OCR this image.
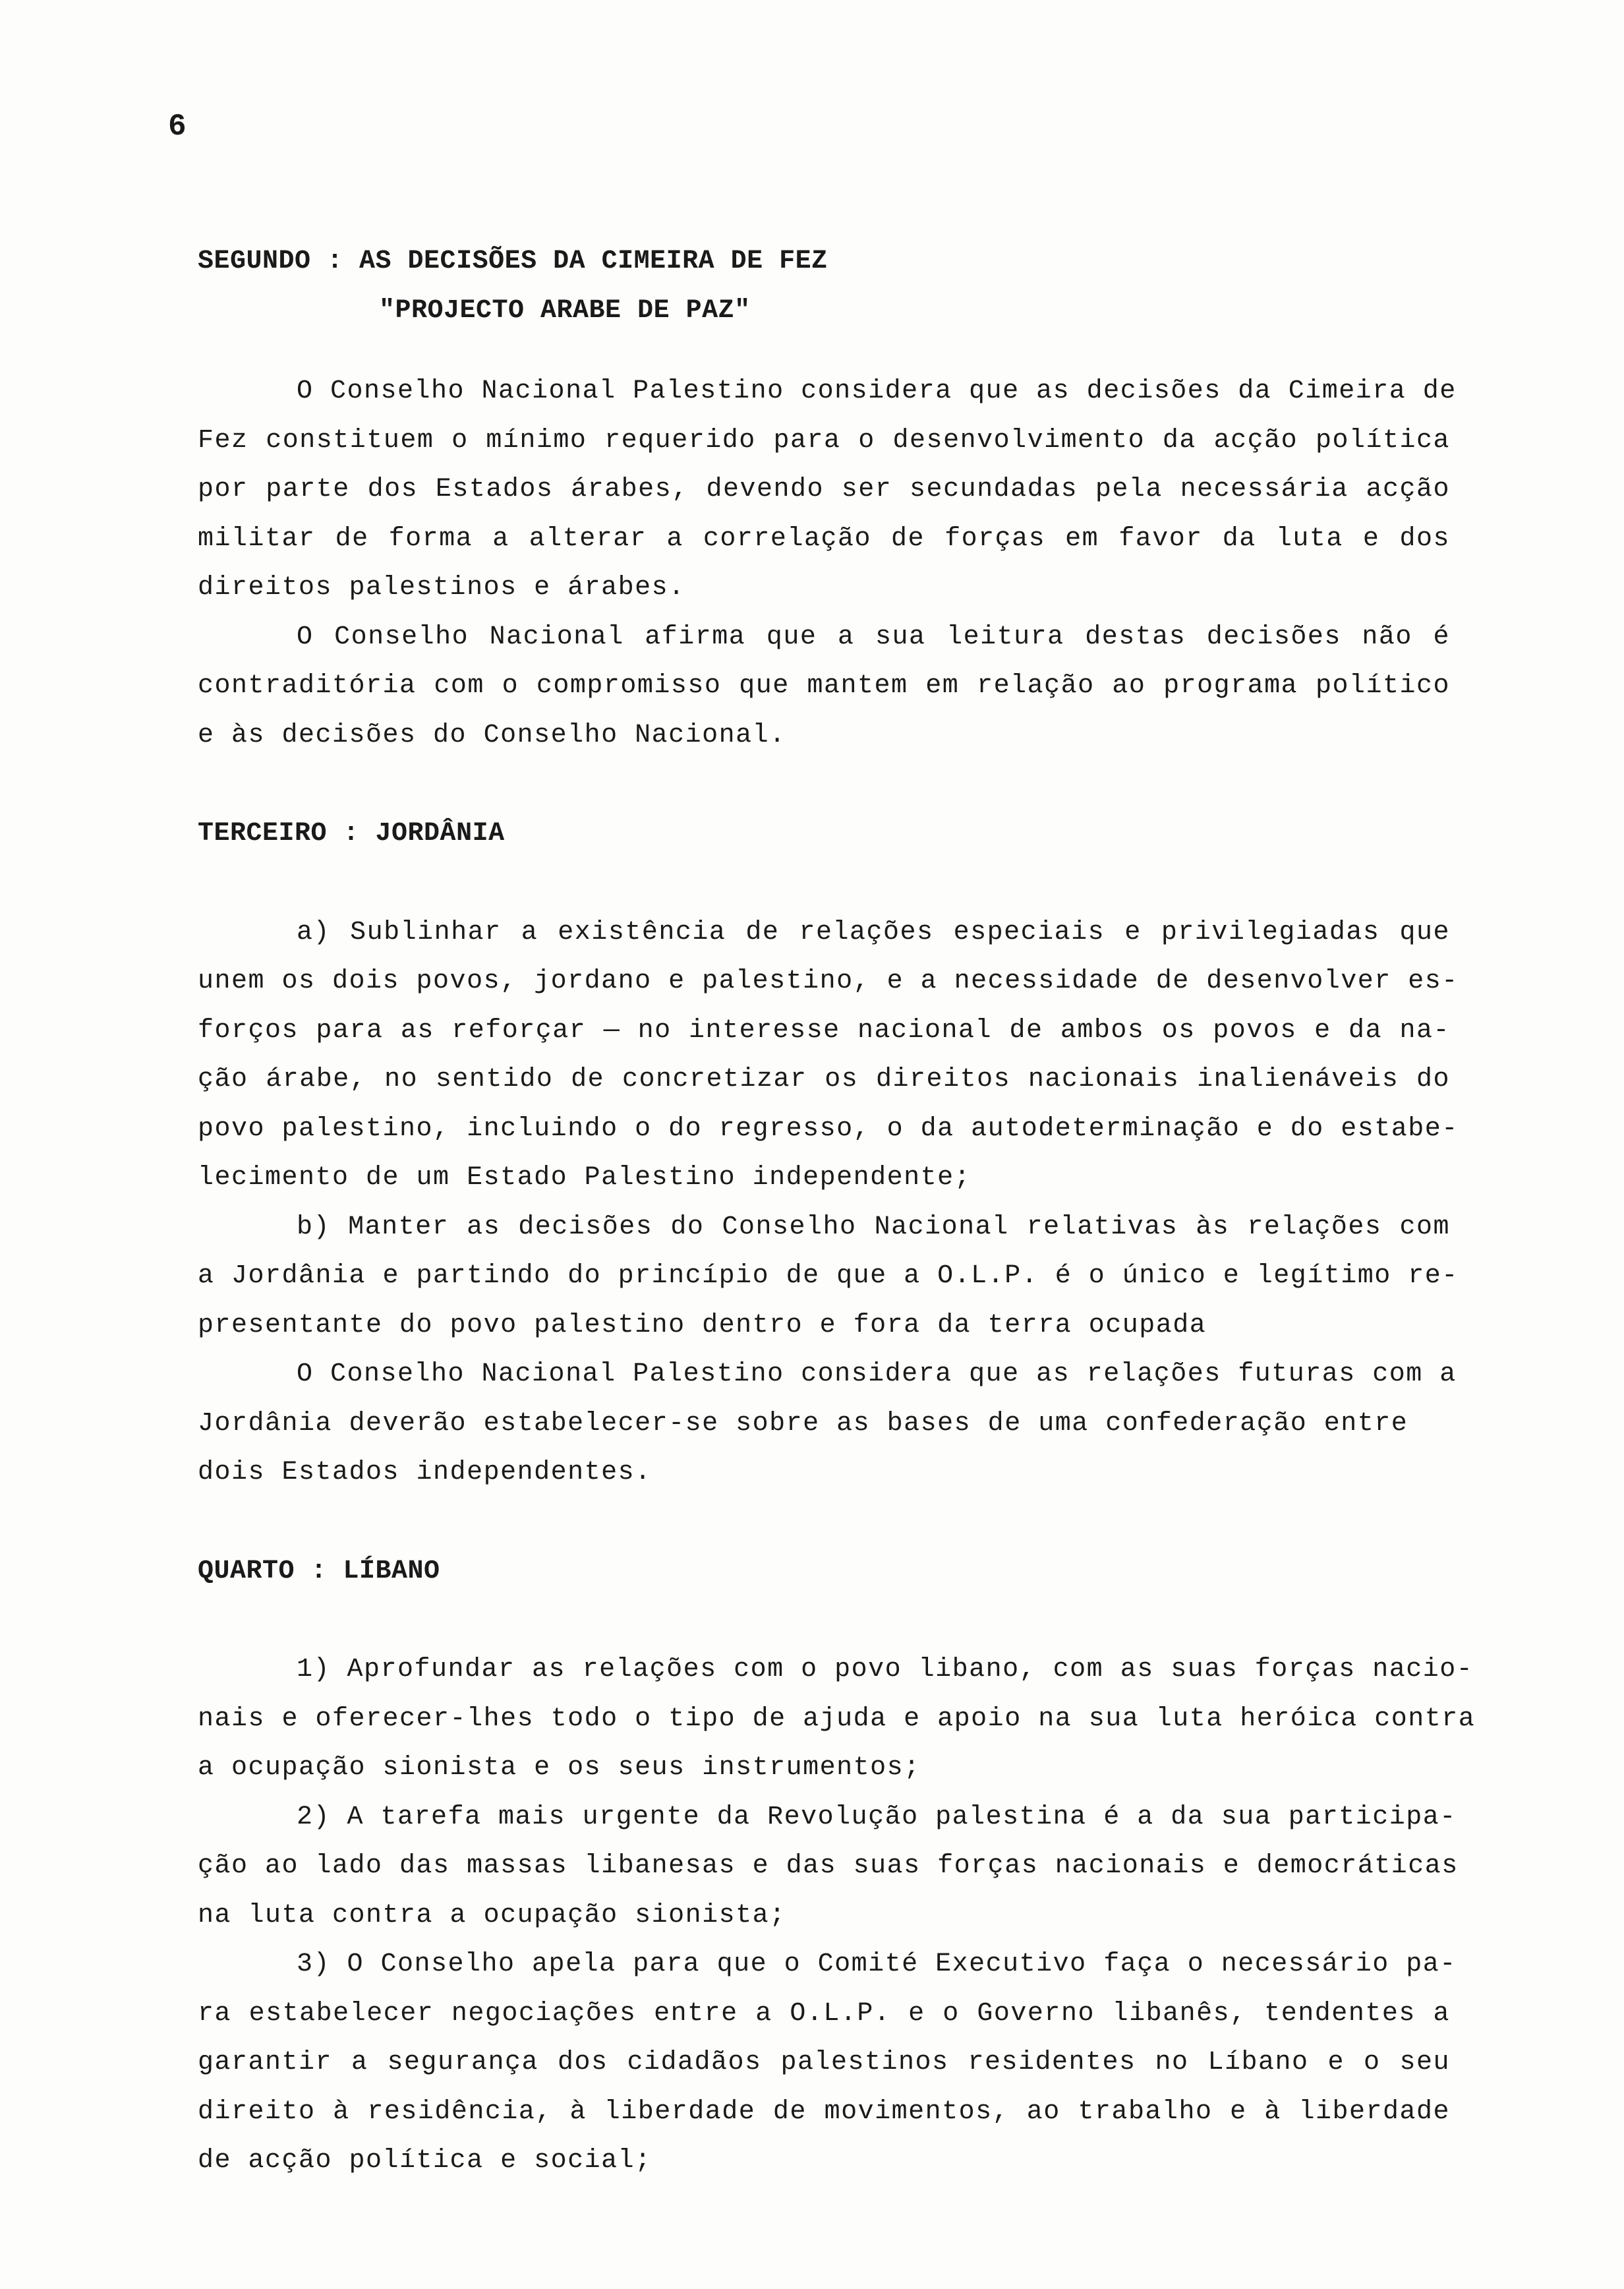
6
SEGUNDO : AS DECISÕES DA CIMEIRA DE FEZ
"PROJECTO ARABE DE PAZ"
O Conselho Nacional Palestino considera que as decisões da Cimeira de
Fez constituem o mínimo requerido para o desenvolvimento da acção política
por parte dos Estados árabes, devendo ser secundadas pela necessária acção
militar de forma a alterar a correlação de forças em favor da luta e dos
direitos palestinos e árabes.
O Conselho Nacional afirma que a sua leitura destas decisões não é
contraditória com o compromisso que mantem em relação ao programa político
e às decisões do Conselho Nacional.
TERCEIRO : JORDÂNIA
a) Sublinhar a existência de relações especiais e privilegiadas que
unem os dois povos, jordano e palestino, e a necessidade de desenvolver es-
forços para as reforçar — no interesse nacional de ambos os povos e da na-
ção árabe, no sentido de concretizar os direitos nacionais inalienáveis do
povo palestino, incluindo o do regresso, o da autodeterminação e do estabe-
lecimento de um Estado Palestino independente;
b) Manter as decisões do Conselho Nacional relativas às relações com
a Jordânia e partindo do princípio de que a O.L.P. é o único e legítimo re-
presentante do povo palestino dentro e fora da terra ocupada
O Conselho Nacional Palestino considera que as relações futuras com a
Jordânia deverão estabelecer-se sobre as bases de uma confederação entre
dois Estados independentes.
QUARTO : LÍBANO
1) Aprofundar as relações com o povo libano, com as suas forças nacio-
nais e oferecer-lhes todo o tipo de ajuda e apoio na sua luta heróica contra
a ocupação sionista e os seus instrumentos;
2) A tarefa mais urgente da Revolução palestina é a da sua participa-
ção ao lado das massas libanesas e das suas forças nacionais e democráticas
na luta contra a ocupação sionista;
3) O Conselho apela para que o Comité Executivo faça o necessário pa-
ra estabelecer negociações entre a O.L.P. e o Governo libanês, tendentes a
garantir a segurança dos cidadãos palestinos residentes no Líbano e o seu
direito à residência, à liberdade de movimentos, ao trabalho e à liberdade
de acção política e social;
